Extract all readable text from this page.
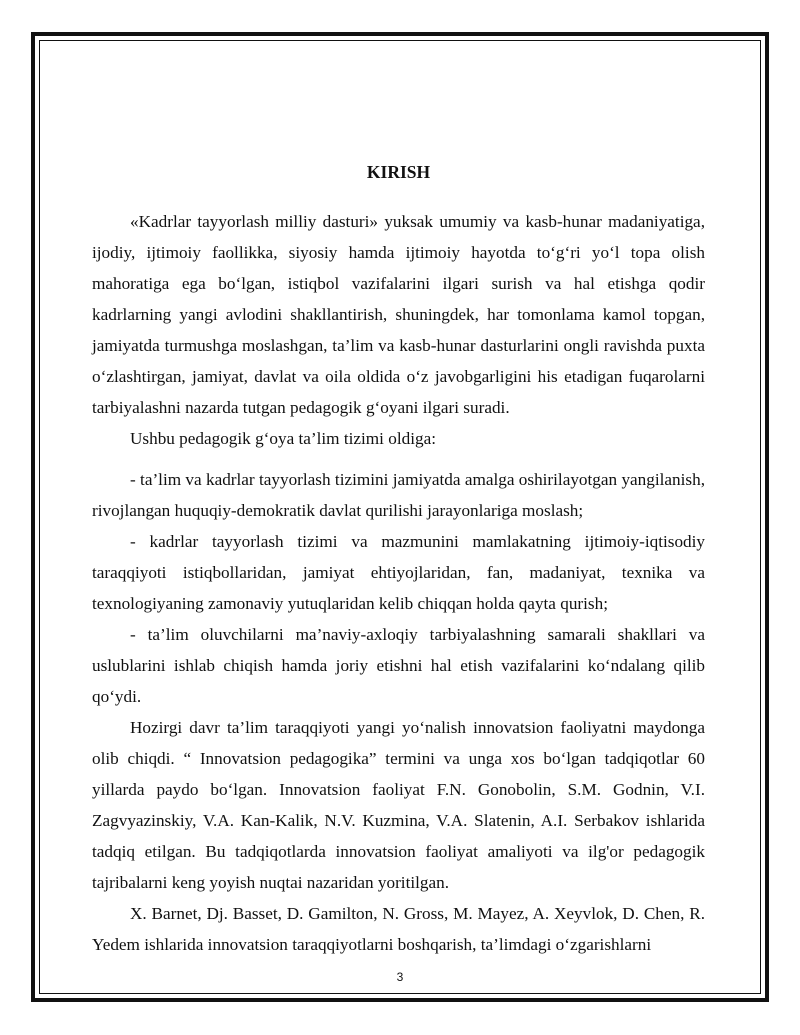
KIRISH

«Kadrlar tayyorlash milliy dasturi» yuksak umumiy va kasb-hunar madaniyatiga, ijodiy, ijtimoiy faollikka, siyosiy hamda ijtimoiy hayotda to‘g‘ri yo‘l topa olish mahoratiga ega bo‘lgan, istiqbol vazifalarini ilgari surish va hal etishga qodir kadrlarning yangi avlodini shakllantirish, shuningdek, har tomonlama kamol topgan, jamiyatda turmushga moslashgan, ta’lim va kasb-hunar dasturlarini ongli ravishda puxta o‘zlashtirgan, jamiyat, davlat va oila oldida o‘z javobgarligini his etadigan fuqarolarni tarbiyalashni nazarda tutgan pedagogik g‘oyani ilgari suradi.

Ushbu pedagogik g‘oya ta’lim tizimi oldiga:

- ta’lim va kadrlar tayyorlash tizimini jamiyatda amalga oshirilayotgan yangilanish, rivojlangan huquqiy-demokratik davlat qurilishi jarayonlariga moslash;

- kadrlar tayyorlash tizimi va mazmunini mamlakatning ijtimoiy-iqtisodiy taraqqiyoti istiqbollaridan, jamiyat ehtiyojlaridan, fan, madaniyat, texnika va texnologiyaning zamonaviy yutuqlaridan kelib chiqqan holda qayta qurish;

- ta’lim oluvchilarni ma’naviy-axloqiy tarbiyalashning samarali shakllari va uslublarini ishlab chiqish hamda joriy etishni hal etish vazifalarini ko‘ndalang qilib qo‘ydi.

Hozirgi davr ta’lim taraqqiyoti yangi yo‘nalish innovatsion faoliyatni maydonga olib chiqdi. “ Innovatsion pedagogika” termini va unga xos bo‘lgan tadqiqotlar 60 yillarda paydo bo‘lgan. Innovatsion faoliyat F.N. Gonobolin, S.M. Godnin, V.I. Zagvyazinskiy, V.A. Kan-Kalik, N.V. Kuzmina, V.A. Slatenin, A.I. Serbakov ishlarida tadqiq etilgan. Bu tadqiqotlarda innovatsion faoliyat amaliyoti va ilg'or pedagogik tajribalarni keng yoyish nuqtai nazaridan yoritilgan.

X. Barnet, Dj. Basset, D. Gamilton, N. Gross, M. Mayez, A. Xeyvlok, D. Chen, R. Yedem ishlarida innovatsion taraqqiyotlarni boshqarish, ta’limdagi o‘zgarishlarni

3
